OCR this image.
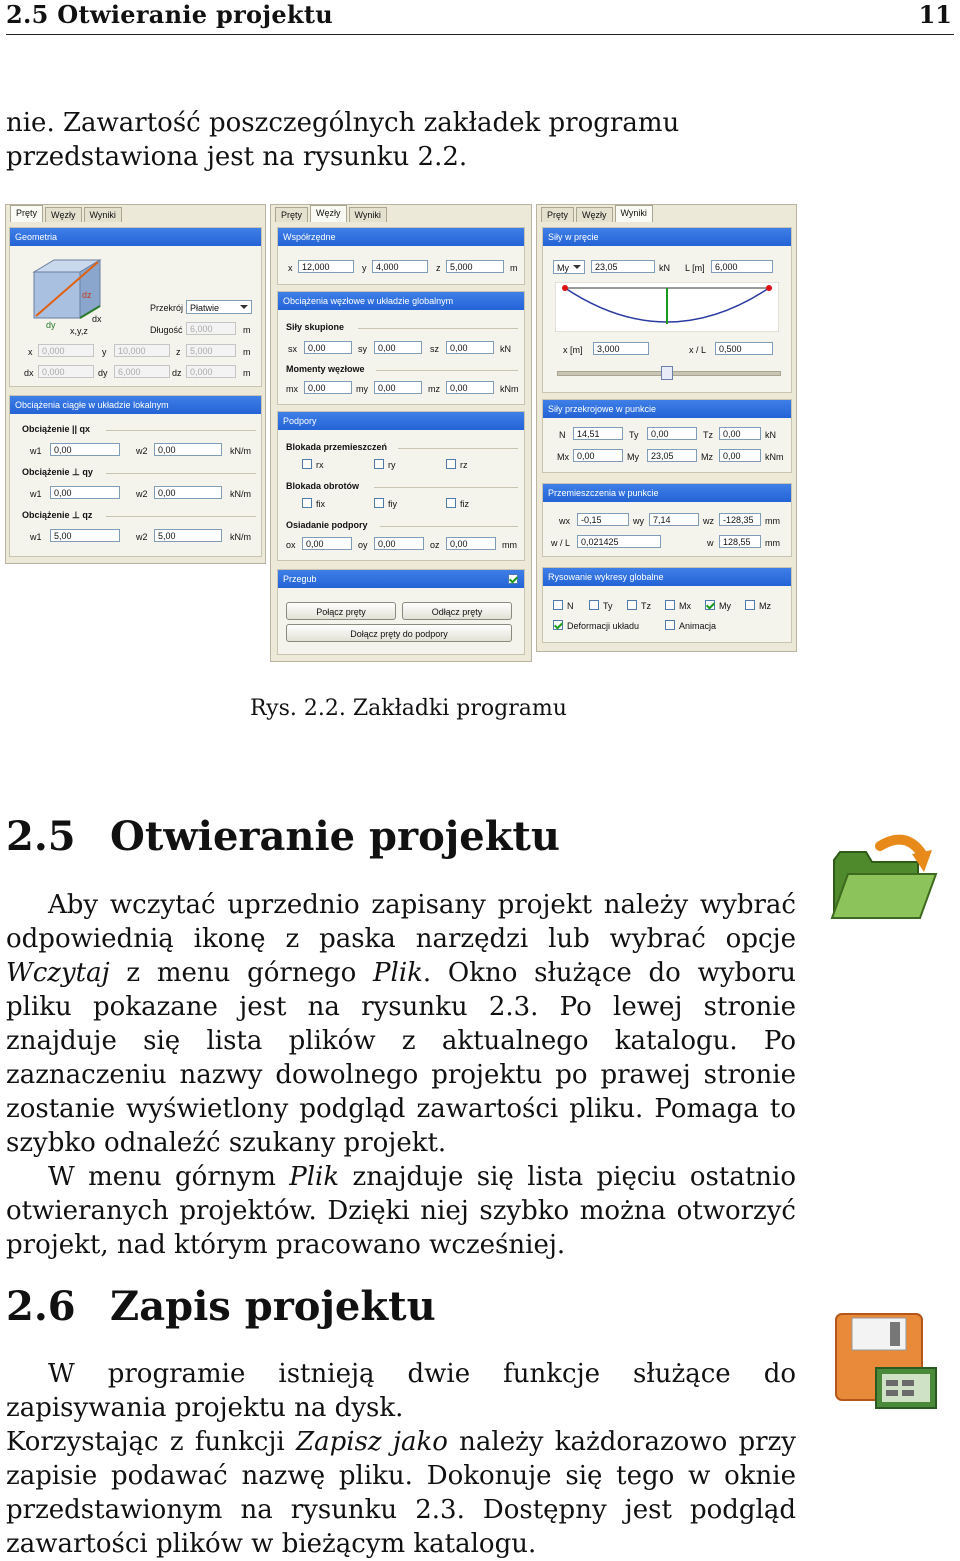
2.5 Otwieranie projektu	11
nie. Zawartość poszczególnych zakładek programu przedstawiona jest na rysunku 2.2.
Pręty	Węzły	Wyniki
Geometria
dz
dy
dx
x,y,z
Przekrój Płatwie
Długość 6,000	m
x	0,000	y	10,000	z	5,000	m
dx 0,000	dy	6,000	dz 0,000	m
Obciążenia ciągłe w układzie lokalnym
Obciążenie || qx
w1	0,00	w2	0,00	kN/m
Obciążenie ⊥ qy
w1	0,00	w2	0,00	kN/m
Obciążenie ⊥ qz
w1	5,00	w2	5,00	kN/m
Pręty	Węzły	Wyniki
Współrzędne
x	12,000	y	4,000	z	5,000	m
Obciążenia węzłowe w układzie globalnym
Siły skupione
sx	0,00	sy	0,00	sz	0,00	kN
Momenty węzłowe
mx	0,00	my	0,00	mz	0,00	kNm
Podpory
Blokada przemieszczeń
rx	ry	rz
Blokada obrotów
fix	fiy	fiz
Osiadanie podpory
ox	0,00	oy	0,00	oz	0,00	mm
Przegub
Połącz pręty	Odłącz pręty
Dołącz pręty do podpory
Pręty	Węzły	Wyniki
Siły w pręcie
My	23,05	kN L [m]	6,000
x [m]	3,000	x / L	0,500
Siły przekrojowe w punkcie
N	14,51	Ty	0,00	Tz	0,00	kN
Mx 0,00	My	23,05	Mz	0,00	kNm
Przemieszczenia w punkcie
wx	-0,15	wy	7,14	wz	-128,35	mm
w / L	0,021425	w	128,55	mm
Rysowanie wykresy globalne
N	Ty	Tz	Mx	My	Mz
Deformacji układu	Animacja
Rys. 2.2. Zakładki programu
2.5 Otwieranie projektu

Aby wczytać uprzednio zapisany projekt należy wybrać odpowiednią ikonę z paska narzędzi lub wybrać opcje Wczytaj z menu górnego Plik. Okno służące do wyboru pliku pokazane jest na rysunku 2.3. Po lewej stronie znajduje się lista plików z aktualnego katalogu. Po zaznaczeniu nazwy dowolnego projektu po prawej stronie zostanie wyświetlony podgląd zawartości pliku. Pomaga to szybko odnaleźć szukany projekt.

W menu górnym Plik znajduje się lista pięciu ostatnio otwieranych projektów. Dzięki niej szybko można otworzyć projekt, nad którym pracowano wcześniej.

2.6 Zapis projektu

W programie istnieją dwie funkcje służące do zapisywania projektu na dysk.

Korzystając z funkcji Zapisz jako należy każdorazowo przy zapisie podawać nazwę pliku. Dokonuje się tego w oknie przedstawionym na rysunku 2.3. Dostępny jest podgląd zawartości plików w bieżącym katalogu.
